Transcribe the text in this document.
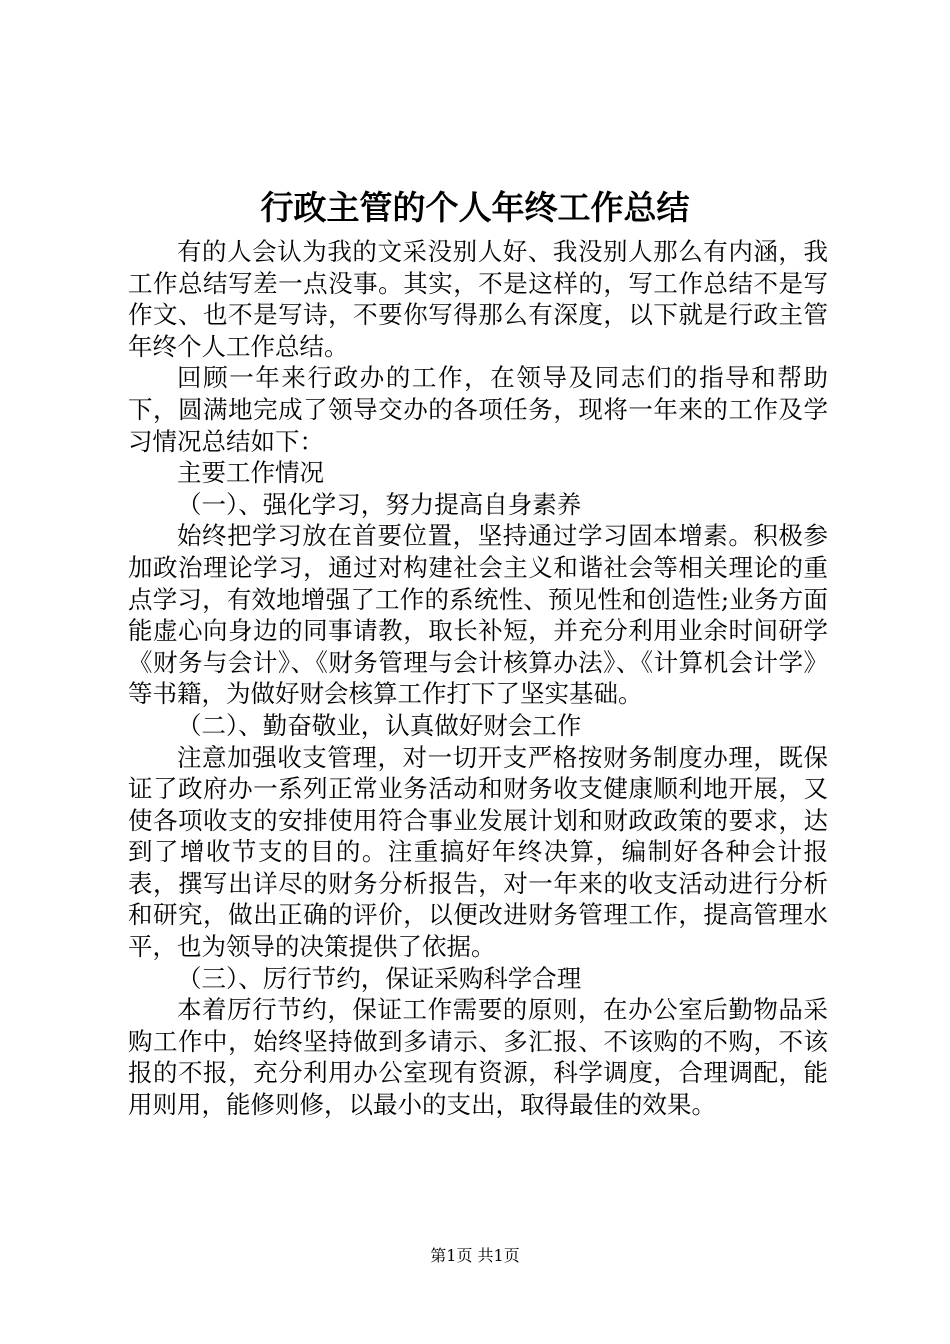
行政主管的个人年终工作总结

有的人会认为我的文采没别人好、我没别人那么有内涵，我工作总结写差一点没事。其实，不是这样的，写工作总结不是写作文、也不是写诗，不要你写得那么有深度，以下就是行政主管年终个人工作总结。

回顾一年来行政办的工作，在领导及同志们的指导和帮助下，圆满地完成了领导交办的各项任务，现将一年来的工作及学习情况总结如下：

主要工作情况

（一）、强化学习，努力提高自身素养

始终把学习放在首要位置，坚持通过学习固本增素。积极参加政治理论学习，通过对构建社会主义和谐社会等相关理论的重点学习，有效地增强了工作的系统性、预见性和创造性;业务方面能虚心向身边的同事请教，取长补短，并充分利用业余时间研学《财务与会计》、《财务管理与会计核算办法》、《计算机会计学》等书籍，为做好财会核算工作打下了坚实基础。

（二）、勤奋敬业，认真做好财会工作

注意加强收支管理，对一切开支严格按财务制度办理，既保证了政府办一系列正常业务活动和财务收支健康顺利地开展，又使各项收支的安排使用符合事业发展计划和财政政策的要求，达到了增收节支的目的。注重搞好年终决算，编制好各种会计报表，撰写出详尽的财务分析报告，对一年来的收支活动进行分析和研究，做出正确的评价，以便改进财务管理工作，提高管理水平，也为领导的决策提供了依据。

（三）、厉行节约，保证采购科学合理

本着厉行节约，保证工作需要的原则，在办公室后勤物品采购工作中，始终坚持做到多请示、多汇报、不该购的不购，不该报的不报，充分利用办公室现有资源，科学调度，合理调配，能用则用，能修则修，以最小的支出，取得最佳的效果。

第1页 共1页
